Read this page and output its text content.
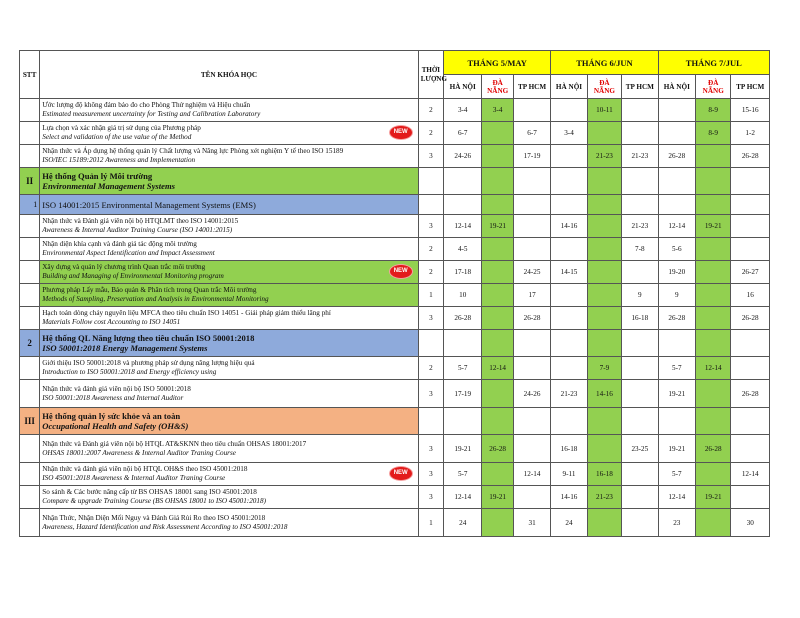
STT	TÊN KHÓA HỌC	THỜI
LƯỢNG	THÁNG 5/MAY			THÁNG 6/JUN			THÁNG 7/JUL		
			HÀ NỘI	ĐÀ
NẴNG	TP HCM	HÀ NỘI	ĐÀ
NẴNG	TP HCM	HÀ NỘI	ĐÀ
NẴNG	TP HCM

	Ước lượng độ không đảm bảo đo cho Phòng Thử nghiệm và Hiệu chuẩn
Estimated measurement uncertainty for Testing and Calibration Laboratory	2	3-4	3-4			10-11			8-9	15-16

	Lựa chọn và xác nhận giá trị sử dụng của Phương pháp
Select and validation of the use value of the Method
NEW	2	6-7		6-7	3-4				8-9	1-2

	Nhận thức và Áp dụng hệ thống quản lý Chất lượng và Năng lực Phòng xét nghiệm Y tế theo ISO 15189
ISO/IEC 15189:2012 Awareness and Implementation	3	24-26		17-19		21-23	21-23	26-28		26-28
II	Hệ thống Quản lý Môi trường
Environmental Management Systems										

1	ISO 14001:2015 Environmental Management Systems (EMS)										

	Nhận thức và Đánh giá viên nội bộ HTQLMT theo ISO 14001:2015
Awareness & Internal Auditor Training Course (ISO 14001:2015)	3	12-14	19-21		14-16		21-23	12-14	19-21	

	Nhận diện khía cạnh và đánh giá tác động môi trường
Environmental Aspect Identification and Impact Assessment	2	4-5					7-8	5-6		

	Xây dựng và quản lý chương trình Quan trắc môi trường
Building and Managing of Environmental Monitoring program
NEW	2	17-18		24-25	14-15			19-20		26-27

	Phương pháp Lấy mẫu, Bảo quản & Phân tích trong Quan trắc Môi trường
Methods of Sampling, Preservation and Analysis in Environmental Monitoring	1	10		17			9	9		16

	Hạch toán dòng chảy nguyên liệu MFCA theo tiêu chuẩn ISO 14051 - Giải pháp giảm thiểu lãng phí
Materials Follow cost Accounting to ISO 14051	3	26-28		26-28			16-18	26-28		26-28
2	Hệ thống QL Năng lượng theo tiêu chuẩn ISO 50001:2018
ISO 50001:2018 Energy Management Systems										

	Giới thiệu ISO 50001:2018 và phương pháp sử dụng năng lượng hiệu quả
Introduction to ISO 50001:2018 and Energy efficiency using	2	5-7	12-14			7-9		5-7	12-14	

	Nhận thức và đánh giá viên nội bộ ISO 50001:2018
ISO 50001:2018 Awareness and Internal Auditor	3	17-19		24-26	21-23	14-16		19-21		26-28
III	Hệ thống quản lý sức khỏe và an toàn
Occupational Health and Safety (OH&S)										

	Nhận thức và Đánh giá viên nội bộ HTQL AT&SKNN theo tiêu chuẩn OHSAS 18001:2017
OHSAS 18001:2007 Awareness & Internal Auditor Traning Course	3	19-21	26-28		16-18		23-25	19-21	26-28	

	Nhận thức và đánh giá viên nội bộ HTQL OH&S theo ISO 45001:2018
ISO 45001:2018 Awareness & Internal Auditor Traning Course
NEW	3	5-7		12-14	9-11	16-18		5-7		12-14

	So sánh & Các bước nâng cấp từ BS OHSAS 18001 sang ISO 45001:2018
Compare & upgrade Training Course (BS OHSAS 18001 to ISO 45001:2018)	3	12-14	19-21		14-16	21-23		12-14	19-21	

	Nhận Thức, Nhận Diện Mối Nguy và Đánh Giá Rủi Ro theo ISO 45001:2018
Awareness, Hazard Identification and Risk Assessment According to ISO 45001:2018	1	24		31	24			23		30
